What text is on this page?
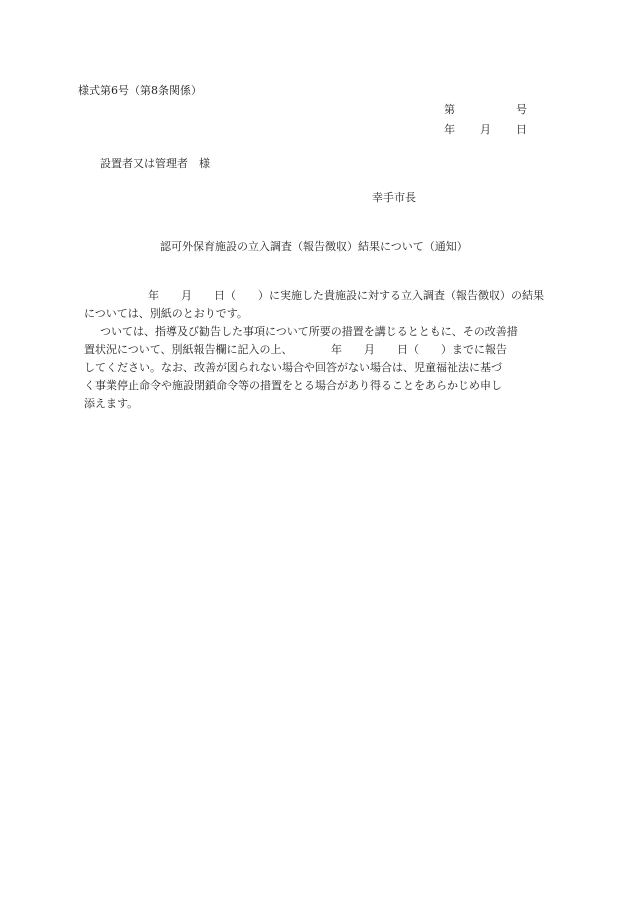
様式第6号（第8条関係）
第	号
年 月 日
設置者又は管理者　様
幸手市長
認可外保育施設の立入調査（報告徴収）結果について（通知）
年　　月　　日（　　）に実施した貴施設に対する立入調査（報告徴収）の結果
については、別紙のとおりです。
ついては、指導及び勧告した事項について所要の措置を講じるとともに、その改善措
置状況について、別紙報告欄に記入の上、　　　　年　　月　　日（　　）までに報告
してください。なお、改善が図られない場合や回答がない場合は、児童福祉法に基づ
く事業停止命令や施設閉鎖命令等の措置をとる場合があり得ることをあらかじめ申し
添えます。
